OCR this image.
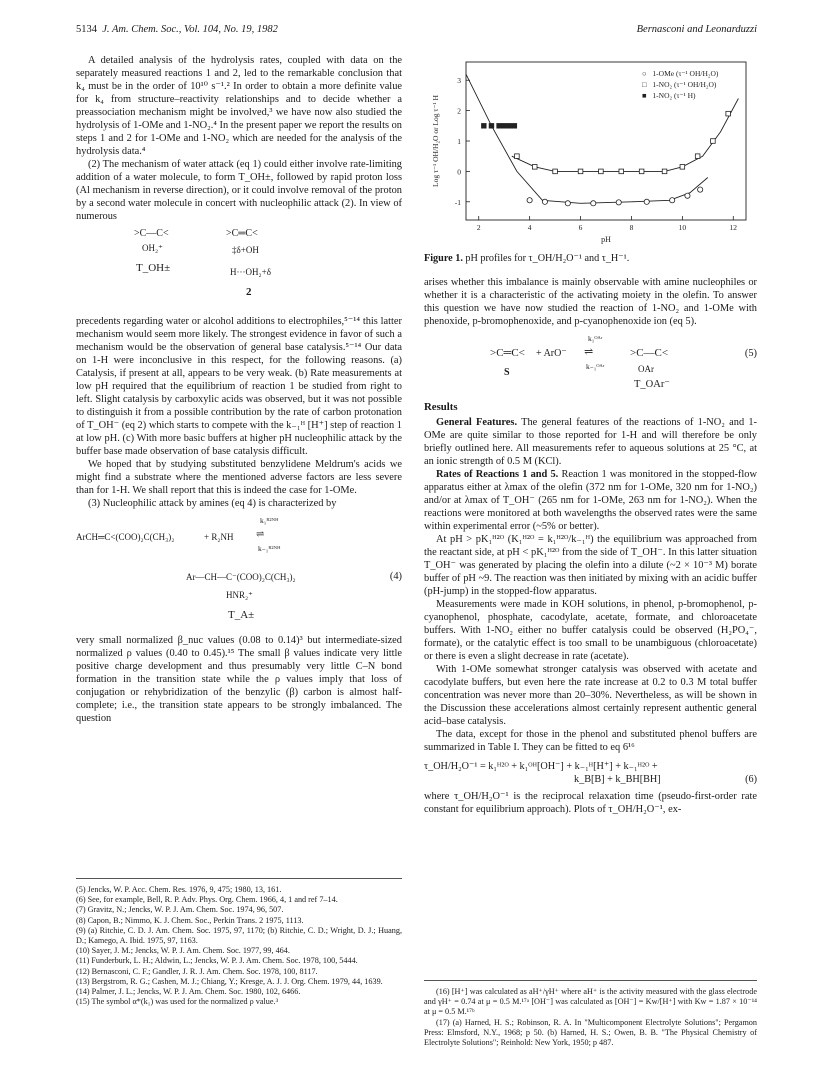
5134 J. Am. Chem. Soc., Vol. 104, No. 19, 1982	Bernasconi and Leonarduzzi

A detailed analysis of the hydrolysis rates, coupled with data on the separately measured reactions 1 and 2, led to the remarkable conclusion that k₄ must be in the order of 10¹⁰ s⁻¹.² In order to obtain a more definite value for k₄ from structure–reactivity relationships and to decide whether a preassociation mechanism might be involved,³ we have now also studied the hydrolysis of 1-OMe and 1-NO₂.⁴ In the present paper we report the results on steps 1 and 2 for 1-OMe and 1-NO₂ which are needed for the analysis of the hydrolysis data.⁴

(2) The mechanism of water attack (eq 1) could either involve rate-limiting addition of a water molecule, to form T_OH±, followed by rapid proton loss (Al mechanism in reverse direction), or it could involve removal of the proton by a second water molecule in concert with nucleophilic attack (2). In view of numerous

>C—C<
OH₂⁺
T_OH±
>C═C<
‡δ+OH
H···OH₂+δ
2

precedents regarding water or alcohol additions to electrophiles,⁵⁻¹⁴ this latter mechanism would seem more likely. The strongest evidence in favor of such a mechanism would be the observation of general base catalysis.⁵⁻¹⁴ Our data on 1-H were inconclusive in this respect, for the following reasons. (a) Catalysis, if present at all, appears to be very weak. (b) Rate measurements at low pH required that the equilibrium of reaction 1 be studied from right to left. Slight catalysis by carboxylic acids was observed, but it was not possible to distinguish it from a possible contribution by the rate of carbon protonation of T_OH⁻ (eq 2) which starts to compete with the k₋₁ᴴ [H⁺] step of reaction 1 at low pH. (c) With more basic buffers at higher pH nucleophilic attack by the buffer base made observation of base catalysis difficult.

We hoped that by studying substituted benzylidene Meldrum's acids we might find a substrate where the mentioned adverse factors are less severe than for 1-H. We shall report that this is indeed the case for 1-OMe.

(3) Nucleophilic attack by amines (eq 4) is characterized by

ArCH═C<(COO)₂C(CH₃)₂	+ R₂NH
k₁ᴿ²ᴺᴴ
⇌
k₋₁ᴿ²ᴺᴴ
Ar—CH—C⁻(COO)₂C(CH₃)₂
HNR₂⁺
T_A±
(4)

very small normalized β_nuc values (0.08 to 0.14)³ but intermediate-sized normalized ρ values (0.40 to 0.45).¹⁵ The small β values indicate very little positive charge development and thus presumably very little C–N bond formation in the transition state while the ρ values imply that loss of conjugation or rehybridization of the benzylic (β) carbon is almost half-complete; i.e., the transition state appears to be strongly imbalanced. The question

(5) Jencks, W. P. Acc. Chem. Res. 1976, 9, 475; 1980, 13, 161.

(6) See, for example, Bell, R. P. Adv. Phys. Org. Chem. 1966, 4, 1 and ref 7–14.

(7) Gravitz, N.; Jencks, W. P. J. Am. Chem. Soc. 1974, 96, 507.

(8) Capon, B.; Nimmo, K. J. Chem. Soc., Perkin Trans. 2 1975, 1113.

(9) (a) Ritchie, C. D. J. Am. Chem. Soc. 1975, 97, 1170; (b) Ritchie, C. D.; Wright, D. J.; Huang, D.; Kamego, A. Ibid. 1975, 97, 1163.

(10) Sayer, J. M.; Jencks, W. P. J. Am. Chem. Soc. 1977, 99, 464.

(11) Funderburk, L. H.; Aldwin, L.; Jencks, W. P. J. Am. Chem. Soc. 1978, 100, 5444.

(12) Bernasconi, C. F.; Gandler, J. R. J. Am. Chem. Soc. 1978, 100, 8117.

(13) Bergstrom, R. G.; Cashen, M. J.; Chiang, Y.; Kresge, A. J. J. Org. Chem. 1979, 44, 1639.

(14) Palmer, J. L.; Jencks, W. P. J. Am. Chem. Soc. 1980, 102, 6466.

(15) The symbol α*(k₁) was used for the normalized ρ value.³

3
2
1
0
-1
2	4	6	8	10	12
Log τ⁻¹ OH/H₂O or Log τ⁻¹ H
pH
○ 1-OMe (τ⁻¹ OH/H₂O)
□ 1-NO₂ (τ⁻¹ OH/H₂O)
■ 1-NO₂ (τ⁻¹ H)
Figure 1. pH profiles for τ_OH/H₂O⁻¹ and τ_H⁻¹.

arises whether this imbalance is mainly observable with amine nucleophiles or whether it is a characteristic of the activating moiety in the olefin. To answer this question we have now studied the reaction of 1-NO₂ and 1-OMe with phenoxide, p-bromophenoxide, and p-cyanophenoxide ion (eq 5).

>C═C< + ArO⁻
k₁ᴼᴬʳ
⇌
k₋₁ᴼᴬʳ
>C—C<
OAr
S
T_OAr⁻
(5)
Results

General Features. The general features of the reactions of 1-NO₂ and 1-OMe are quite similar to those reported for 1-H and will therefore be only briefly outlined here. All measurements refer to aqueous solutions at 25 °C, at an ionic strength of 0.5 M (KCl).

Rates of Reactions 1 and 5. Reaction 1 was monitored in the stopped-flow apparatus either at λmax of the olefin (372 nm for 1-OMe, 320 nm for 1-NO₂) and/or at λmax of T_OH⁻ (265 nm for 1-OMe, 263 nm for 1-NO₂). When the reactions were monitored at both wavelengths the observed rates were the same within experimental error (~5% or better).

At pH > pK₁ᴴ²ᴼ (K₁ᴴ²ᴼ = k₁ᴴ²ᴼ/k₋₁ᴴ) the equilibrium was approached from the reactant side, at pH < pK₁ᴴ²ᴼ from the side of T_OH⁻. In this latter situation T_OH⁻ was generated by placing the olefin into a dilute (~2 × 10⁻³ M) borate buffer of pH ~9. The reaction was then initiated by mixing with an acidic buffer (pH-jump) in the stopped-flow apparatus.

Measurements were made in KOH solutions, in phenol, p-bromophenol, p-cyanophenol, phosphate, cacodylate, acetate, formate, and chloroacetate buffers. With 1-NO₂ either no buffer catalysis could be observed (H₂PO₄⁻, formate), or the catalytic effect is too small to be unambiguous (chloroacetate) or there is even a slight decrease in rate (acetate).

With 1-OMe somewhat stronger catalysis was observed with acetate and cacodylate buffers, but even here the rate increase at 0.2 to 0.3 M total buffer concentration was never more than 20–30%. Nevertheless, as will be shown in the Discussion these accelerations almost certainly represent authentic general acid–base catalysis.

The data, except for those in the phenol and substituted phenol buffers are summarized in Table I. They can be fitted to eq 6¹⁶

τ_OH/H₂O⁻¹ = k₁ᴴ²ᴼ + k₁ᴼᴴ[OH⁻] + k₋₁ᴴ[H⁺] + k₋₁ᴴ²ᴼ +
k_B[B] + k_BH[BH]	(6)

where τ_OH/H₂O⁻¹ is the reciprocal relaxation time (pseudo-first-order rate constant for equilibrium approach). Plots of τ_OH/H₂O⁻¹, ex-

(16) [H⁺] was calculated as aH⁺/γH⁺ where aH⁺ is the activity measured with the glass electrode and γH⁺ = 0.74 at μ = 0.5 M.¹⁷ᵃ [OH⁻] was calculated as [OH⁻] = Kw/[H⁺] with Kw = 1.87 × 10⁻¹⁴ at μ = 0.5 M.¹⁷ᵇ

(17) (a) Harned, H. S.; Robinson, R. A. In "Multicomponent Electrolyte Solutions"; Pergamon Press: Elmsford, N.Y., 1968; p 50. (b) Harned, H. S.; Owen, B. B. "The Physical Chemistry of Electrolyte Solutions"; Reinhold: New York, 1950; p 487.
